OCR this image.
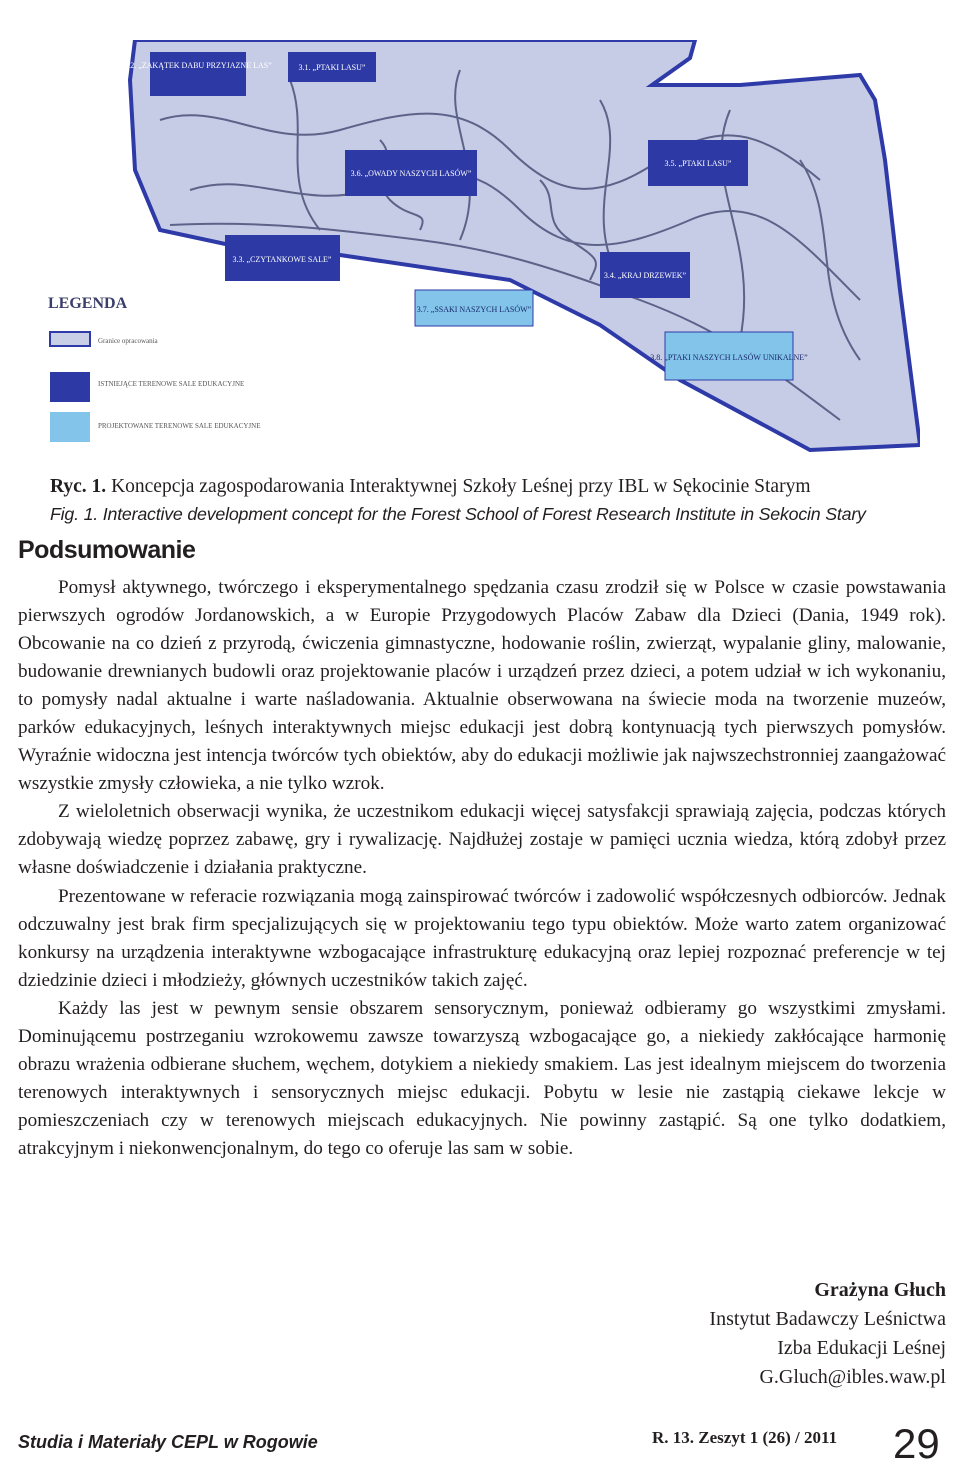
3.2. „ZAKĄTEK DABU PRZYJAZNE LAS”	3.1. „PTAKI LASU”
3.6. „OWADY NASZYCH LASÓW”
3.5. „PTAKI LASU”
3.3. „CZYTANKOWE SALE”
3.4. „KRAJ DRZEWEK”
3.7. „SSAKI NASZYCH LASÓW”
3.8. „PTAKI NASZYCH LASÓW UNIKALNE”
LEGENDA
Granice opracowania
ISTNIEJĄCE TERENOWE SALE EDUKACYJNE
PROJEKTOWANE TERENOWE SALE EDUKACYJNE
Ryc. 1. Koncepcja zagospodarowania Interaktywnej Szkoły Leśnej przy IBL w Sękocinie Starym
Fig. 1. Interactive development concept for the Forest School of Forest Research Institute in Sekocin Stary
Podsumowanie

Pomysł aktywnego, twórczego i eksperymentalnego spędzania czasu zrodził się w Polsce w czasie powstawania pierwszych ogrodów Jordanowskich, a w Europie Przygodowych Placów Zabaw dla Dzieci (Dania, 1949 rok). Obcowanie na co dzień z przyrodą, ćwiczenia gimnastyczne, hodowanie roślin, zwierząt, wypalanie gliny, malowanie, budowanie drewnianych budowli oraz projektowanie placów i urządzeń przez dzieci, a potem udział w ich wykonaniu, to pomysły nadal aktualne i warte naśladowania. Aktualnie obserwowana na świecie moda na tworzenie muzeów, parków edukacyjnych, leśnych interaktywnych miejsc edukacji jest dobrą kontynuacją tych pierwszych pomysłów. Wyraźnie widoczna jest intencja twórców tych obiektów, aby do edukacji możliwie jak najwszechstronniej zaangażować wszystkie zmysły człowieka, a nie tylko wzrok.

Z wieloletnich obserwacji wynika, że uczestnikom edukacji więcej satysfakcji sprawiają zajęcia, podczas których zdobywają wiedzę poprzez zabawę, gry i rywalizację. Najdłużej zostaje w pamięci ucznia wiedza, którą zdobył przez własne doświadczenie i działania praktyczne.

Prezentowane w referacie rozwiązania mogą zainspirować twórców i zadowolić współczesnych odbiorców. Jednak odczuwalny jest brak firm specjalizujących się w projektowaniu tego typu obiektów. Może warto zatem organizować konkursy na urządzenia interaktywne wzbogacające infrastrukturę edukacyjną oraz lepiej rozpoznać preferencje w tej dziedzinie dzieci i młodzieży, głównych uczestników takich zajęć.

Każdy las jest w pewnym sensie obszarem sensorycznym, ponieważ odbieramy go wszystkimi zmysłami. Dominującemu postrzeganiu wzrokowemu zawsze towarzyszą wzbogacające go, a niekiedy zakłócające harmonię obrazu wrażenia odbierane słuchem, węchem, dotykiem a niekiedy smakiem. Las jest idealnym miejscem do tworzenia terenowych interaktywnych i sensorycznych miejsc edukacji. Pobytu w lesie nie zastąpią ciekawe lekcje w pomieszczeniach czy w terenowych miejscach edukacyjnych. Nie powinny zastąpić. Są one tylko dodatkiem, atrakcyjnym i niekonwencjonalnym, do tego co oferuje las sam w sobie.

Grażyna Głuch
Instytut Badawczy Leśnictwa
Izba Edukacji Leśnej
G.Gluch@ibles.waw.pl
Studia i Materiały CEPL w Rogowie	R. 13. Zeszyt 1 (26) / 2011 29
